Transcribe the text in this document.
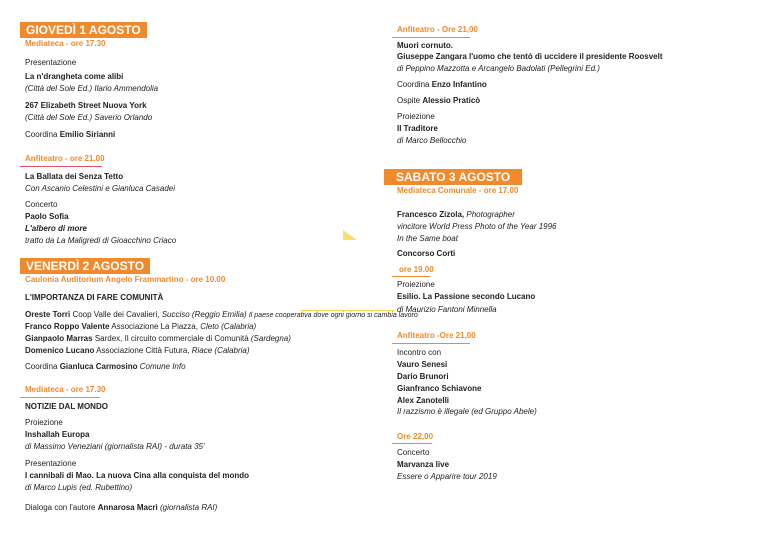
GIOVEDÌ 1 AGOSTO
Mediateca - ore 17.30
Presentazione
La n'drangheta come alibi
(Città del Sole Ed.) Ilario Ammendolia
267 Elizabeth Street Nuova York
(Città del Sole Ed.) Saverio Orlando
Coordina Emilio Sirianni
Anfiteatro - ore 21.00
La Ballata dei Senza Tetto
Con Ascanio Celestini e Gianluca Casadei
Concerto
Paolo Sofia
L'albero di more
tratto da La Maligredi di Gioacchino Criaco
VENERDÌ 2 AGOSTO
Caulonia Auditorium Angelo Frammartino - ore 10.00
L'IMPORTANZA DI FARE COMUNITÀ
Oreste Torri Coop Valle dei Cavalieri, Succiso (Reggio Emilia) Il paese cooperativa dove ogni giorno si cambia lavoro
Franco Roppo Valente Associazione La Piazza, Cleto (Calabria)
Gianpaolo Marras Sardex, Il circuito commerciale di Comunità (Sardegna)
Domenico Lucano Associazione Città Futura, Riace (Calabria)
Coordina Gianluca Carmosino Comune Info
Mediateca - ore 17.30
NOTIZIE DAL MONDO
Proiezione
Inshallah Europa
di Massimo Veneziani (giornalista RAI) - durata 35'
Presentazione
I cannibali di Mao. La nuova Cina alla conquista del mondo
di Marco Lupis (ed. Rubettino)
Dialoga con l'autore Annarosa Macrì (giornalista RAI)
Anfiteatro - Ore 21,00
Muori cornuto.
Giuseppe Zangara l'uomo che tentò di uccidere il presidente Roosvelt
di Peppino Mazzotta e Arcangelo Badolati (Pellegrini Ed.)
Coordina Enzo Infantino
Ospite Alessio Praticò
Proiezione
Il Traditore
di Marco Bellocchio
SABATO 3 AGOSTO
Mediateca Comunale - ore 17.00
Francesco Zizola, Photographer
vincitore World Press Photo of the Year 1996
In the Same boat
Concorso Corti
ore 19.00
Proiezione
Esilio. La Passione secondo Lucano
di Maurizio Fantoni Minnella
Anfiteatro -Ore 21,00
Incontro con
Vauro Senesi
Dario Brunori
Gianfranco Schiavone
Alex Zanotelli
Il razzismo è illegale (ed Gruppo Abele)
Ore 22,00
Concerto
Marvanza live
Essere o Apparire tour 2019
